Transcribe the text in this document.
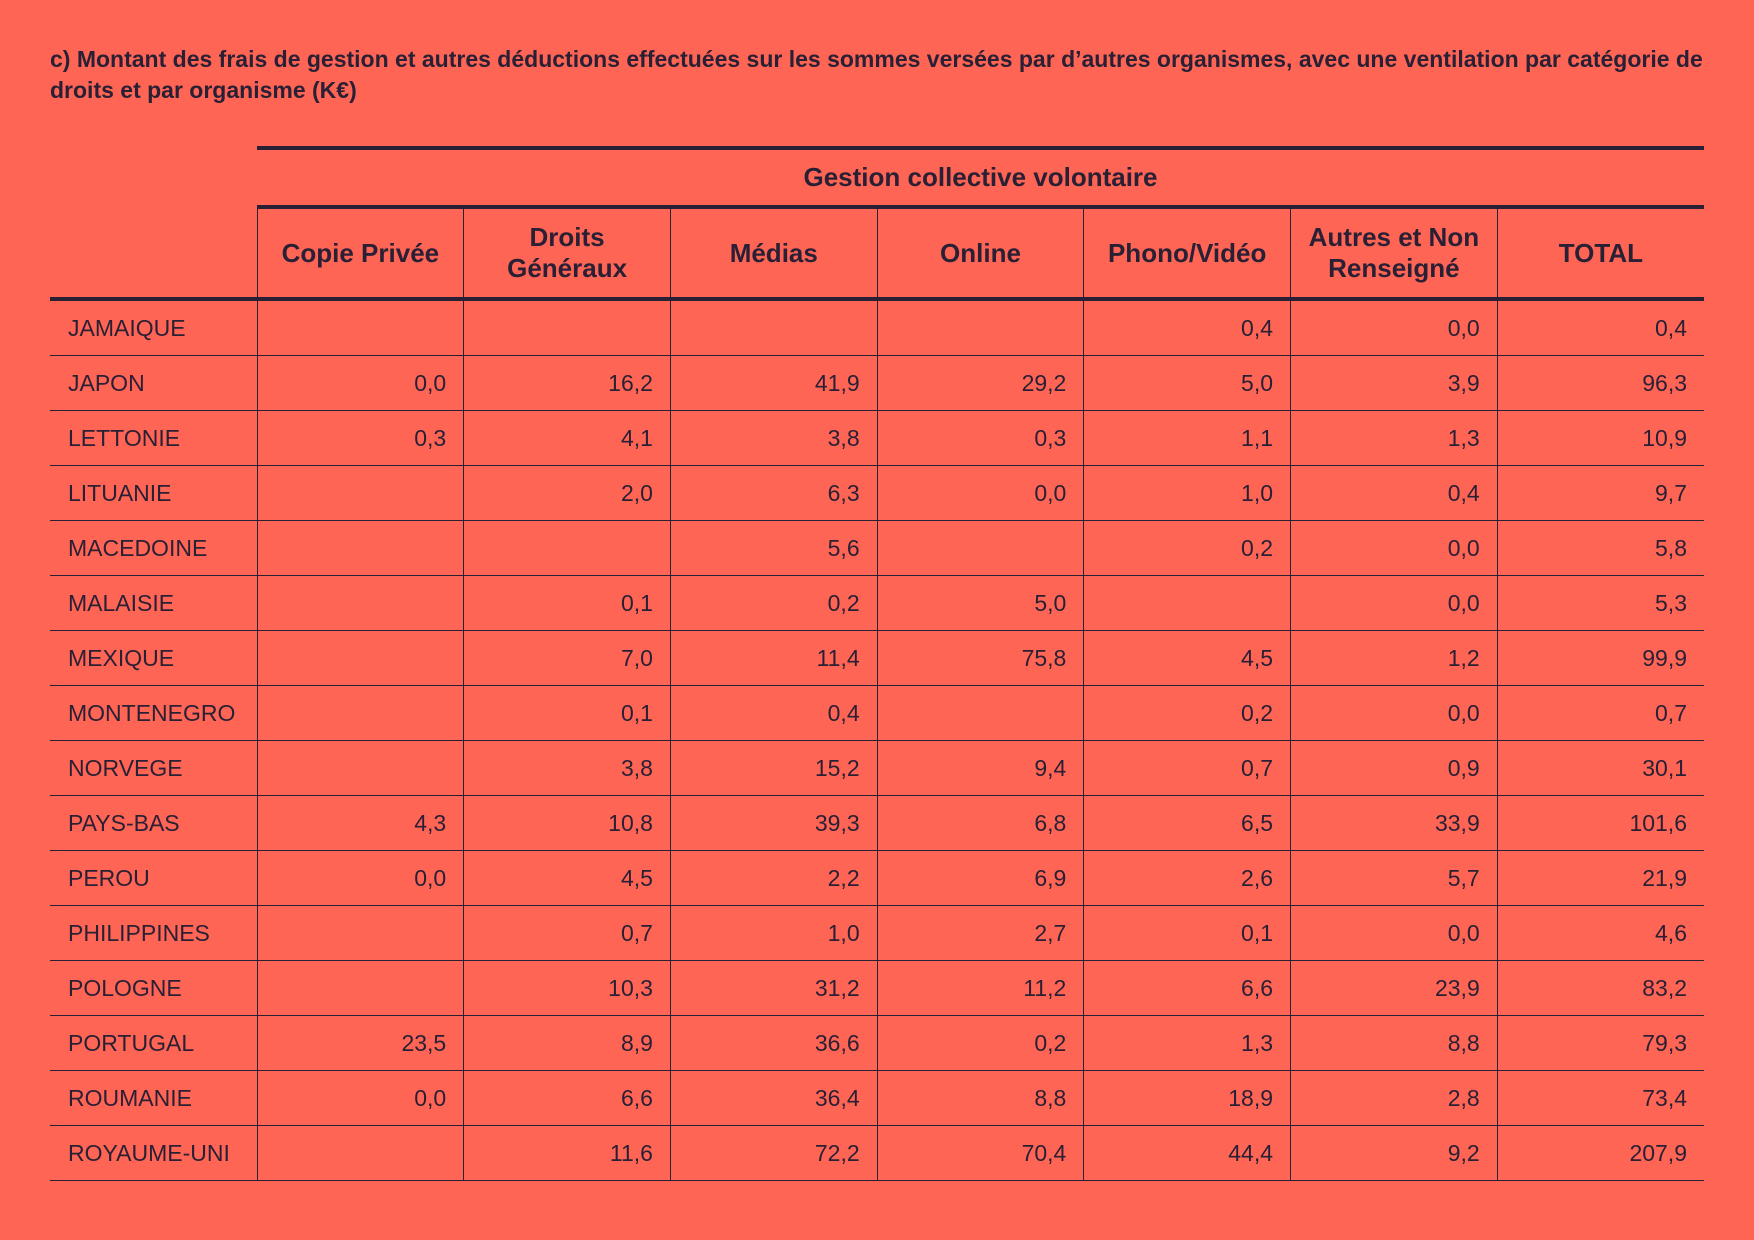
c) Montant des frais de gestion et autres déductions effectuées sur les sommes versées par d’autres organismes, avec une ventilation par catégorie de droits et par organisme (K€)

	Gestion collective volontaire						
	Copie Privée	Droits Généraux	Médias	Online	Phono/Vidéo	Autres et Non Renseigné	TOTAL
JAMAIQUE					0,4	0,0	0,4
JAPON	0,0	16,2	41,9	29,2	5,0	3,9	96,3
LETTONIE	0,3	4,1	3,8	0,3	1,1	1,3	10,9
LITUANIE		2,0	6,3	0,0	1,0	0,4	9,7
MACEDOINE			5,6		0,2	0,0	5,8
MALAISIE		0,1	0,2	5,0		0,0	5,3
MEXIQUE		7,0	11,4	75,8	4,5	1,2	99,9
MONTENEGRO		0,1	0,4		0,2	0,0	0,7
NORVEGE		3,8	15,2	9,4	0,7	0,9	30,1
PAYS-BAS	4,3	10,8	39,3	6,8	6,5	33,9	101,6
PEROU	0,0	4,5	2,2	6,9	2,6	5,7	21,9
PHILIPPINES		0,7	1,0	2,7	0,1	0,0	4,6
POLOGNE		10,3	31,2	11,2	6,6	23,9	83,2
PORTUGAL	23,5	8,9	36,6	0,2	1,3	8,8	79,3
ROUMANIE	0,0	6,6	36,4	8,8	18,9	2,8	73,4
ROYAUME-UNI		11,6	72,2	70,4	44,4	9,2	207,9
